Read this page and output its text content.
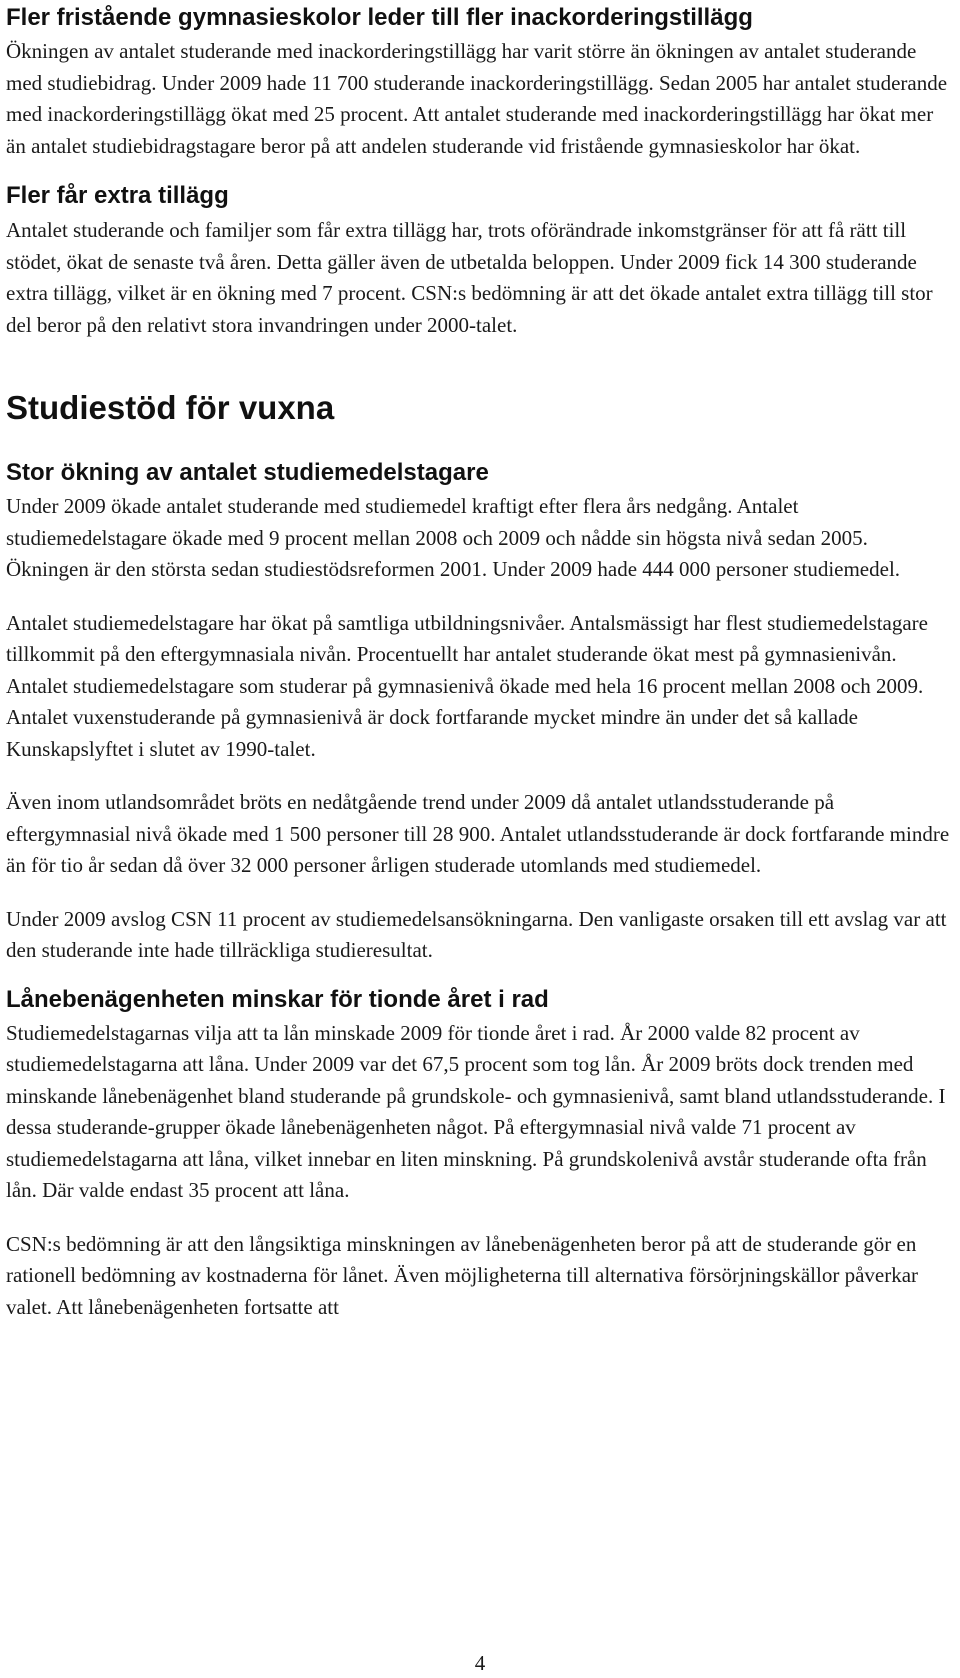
Fler fristående gymnasieskolor leder till fler inackorderingstillägg

Ökningen av antalet studerande med inackorderingstillägg har varit större än ökningen av antalet studerande med studiebidrag. Under 2009 hade 11 700 studerande inackorderingstillägg. Sedan 2005 har antalet studerande med inackorderingstillägg ökat med 25 procent. Att antalet studerande med inackorderingstillägg har ökat mer än antalet studiebidragstagare beror på att andelen studerande vid fristående gymnasieskolor har ökat.

Fler får extra tillägg

Antalet studerande och familjer som får extra tillägg har, trots oförändrade inkomstgränser för att få rätt till stödet, ökat de senaste två åren. Detta gäller även de utbetalda beloppen. Under 2009 fick 14 300 studerande extra tillägg, vilket är en ökning med 7 procent. CSN:s bedömning är att det ökade antalet extra tillägg till stor del beror på den relativt stora invandringen under 2000-talet.

Studiestöd för vuxna
Stor ökning av antalet studiemedelstagare

Under 2009 ökade antalet studerande med studiemedel kraftigt efter flera års nedgång. Antalet studiemedelstagare ökade med 9 procent mellan 2008 och 2009 och nådde sin högsta nivå sedan 2005. Ökningen är den största sedan studiestödsreformen 2001. Under 2009 hade 444 000 personer studiemedel.

Antalet studiemedelstagare har ökat på samtliga utbildningsnivåer. Antalsmässigt har flest studiemedelstagare tillkommit på den eftergymnasiala nivån. Procentuellt har antalet studerande ökat mest på gymnasienivån. Antalet studiemedelstagare som studerar på gymnasienivå ökade med hela 16 procent mellan 2008 och 2009. Antalet vuxenstuderande på gymnasienivå är dock fortfarande mycket mindre än under det så kallade Kunskapslyftet i slutet av 1990-talet.

Även inom utlandsområdet bröts en nedåtgående trend under 2009 då antalet utlandsstuderande på eftergymnasial nivå ökade med 1 500 personer till 28 900. Antalet utlandsstuderande är dock fortfarande mindre än för tio år sedan då över 32 000 personer årligen studerade utomlands med studiemedel.

Under 2009 avslog CSN 11 procent av studiemedelsansökningarna. Den vanligaste orsaken till ett avslag var att den studerande inte hade tillräckliga studieresultat.

Lånebenägenheten minskar för tionde året i rad

Studiemedelstagarnas vilja att ta lån minskade 2009 för tionde året i rad. År 2000 valde 82 procent av studiemedelstagarna att låna. Under 2009 var det 67,5 procent som tog lån. År 2009 bröts dock trenden med minskande lånebenägenhet bland studerande på grundskole- och gymnasienivå, samt bland utlandsstuderande. I dessa studerande-grupper ökade lånebenägenheten något. På eftergymnasial nivå valde 71 procent av studiemedelstagarna att låna, vilket innebar en liten minskning. På grundskolenivå avstår studerande ofta från lån. Där valde endast 35 procent att låna.

CSN:s bedömning är att den långsiktiga minskningen av lånebenägenheten beror på att de studerande gör en rationell bedömning av kostnaderna för lånet. Även möjligheterna till alternativa försörjningskällor påverkar valet. Att lånebenägenheten fortsatte att

4
